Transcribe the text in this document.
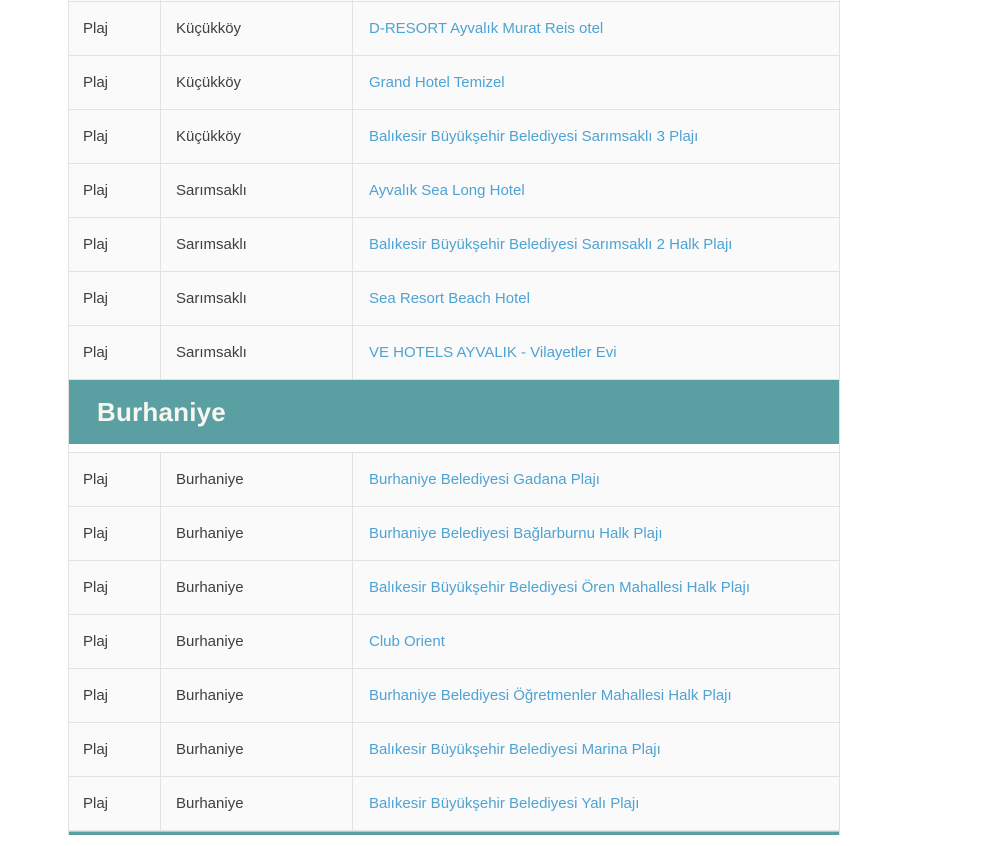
Plaj	Küçükköy	D-RESORT Ayvalık Murat Reis otel
Plaj	Küçükköy	Grand Hotel Temizel
Plaj	Küçükköy	Balıkesir Büyükşehir Belediyesi Sarımsaklı 3 Plajı
Plaj	Sarımsaklı	Ayvalık Sea Long Hotel
Plaj	Sarımsaklı	Balıkesir Büyükşehir Belediyesi Sarımsaklı 2 Halk Plajı
Plaj	Sarımsaklı	Sea Resort Beach Hotel
Plaj	Sarımsaklı	VE HOTELS AYVALIK - Vilayetler Evi
Burhaniye
Plaj	Burhaniye	Burhaniye Belediyesi Gadana Plajı
Plaj	Burhaniye	Burhaniye Belediyesi Bağlarburnu Halk Plajı
Plaj	Burhaniye	Balıkesir Büyükşehir Belediyesi Ören Mahallesi Halk Plajı
Plaj	Burhaniye	Club Orient
Plaj	Burhaniye	Burhaniye Belediyesi Öğretmenler Mahallesi Halk Plajı
Plaj	Burhaniye	Balıkesir Büyükşehir Belediyesi Marina Plajı
Plaj	Burhaniye	Balıkesir Büyükşehir Belediyesi Yalı Plajı
